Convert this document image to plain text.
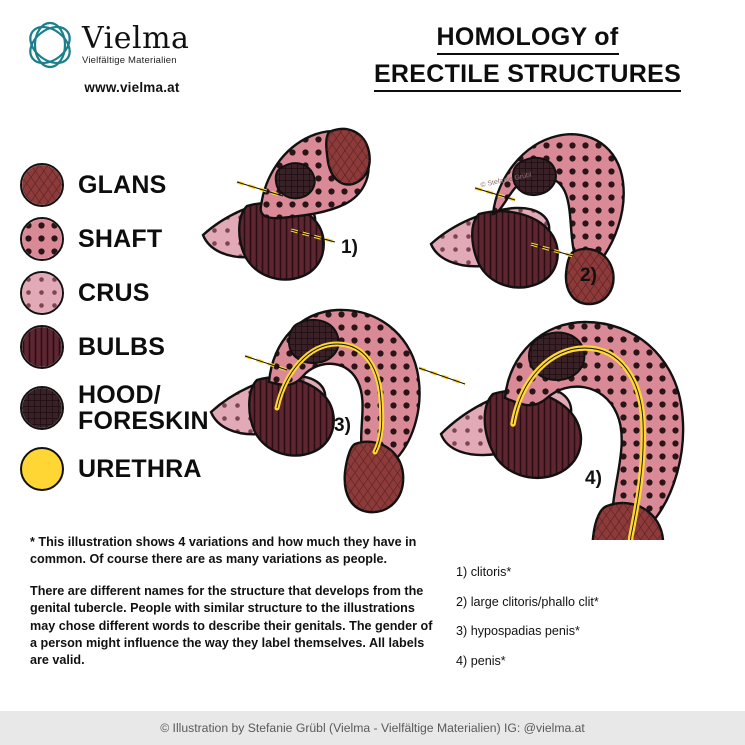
Vielma
Vielfältige Materialien
www.vielma.at
HOMOLOGY of
ERECTILE STRUCTURES
GLANS
SHAFT
CRUS
BULBS
HOOD/
FORESKIN
URETHRA
© Stefanie Grübl
1)
2)
3)
4)

* This illustration shows 4 variations and how much they have in common. Of course there are as many variations as people.

There are different names for the structure that develops from the genital tubercle. People with similar structure to the illustrations may chose different words to describe their genitals. The gender of a person might influence the way they label themselves. All labels are valid.

1) clitoris*
2) large clitoris/phallo clit*
3) hypospadias penis*
4) penis*
© Illustration by Stefanie Grübl (Vielma - Vielfältige Materialien) IG: @vielma.at
